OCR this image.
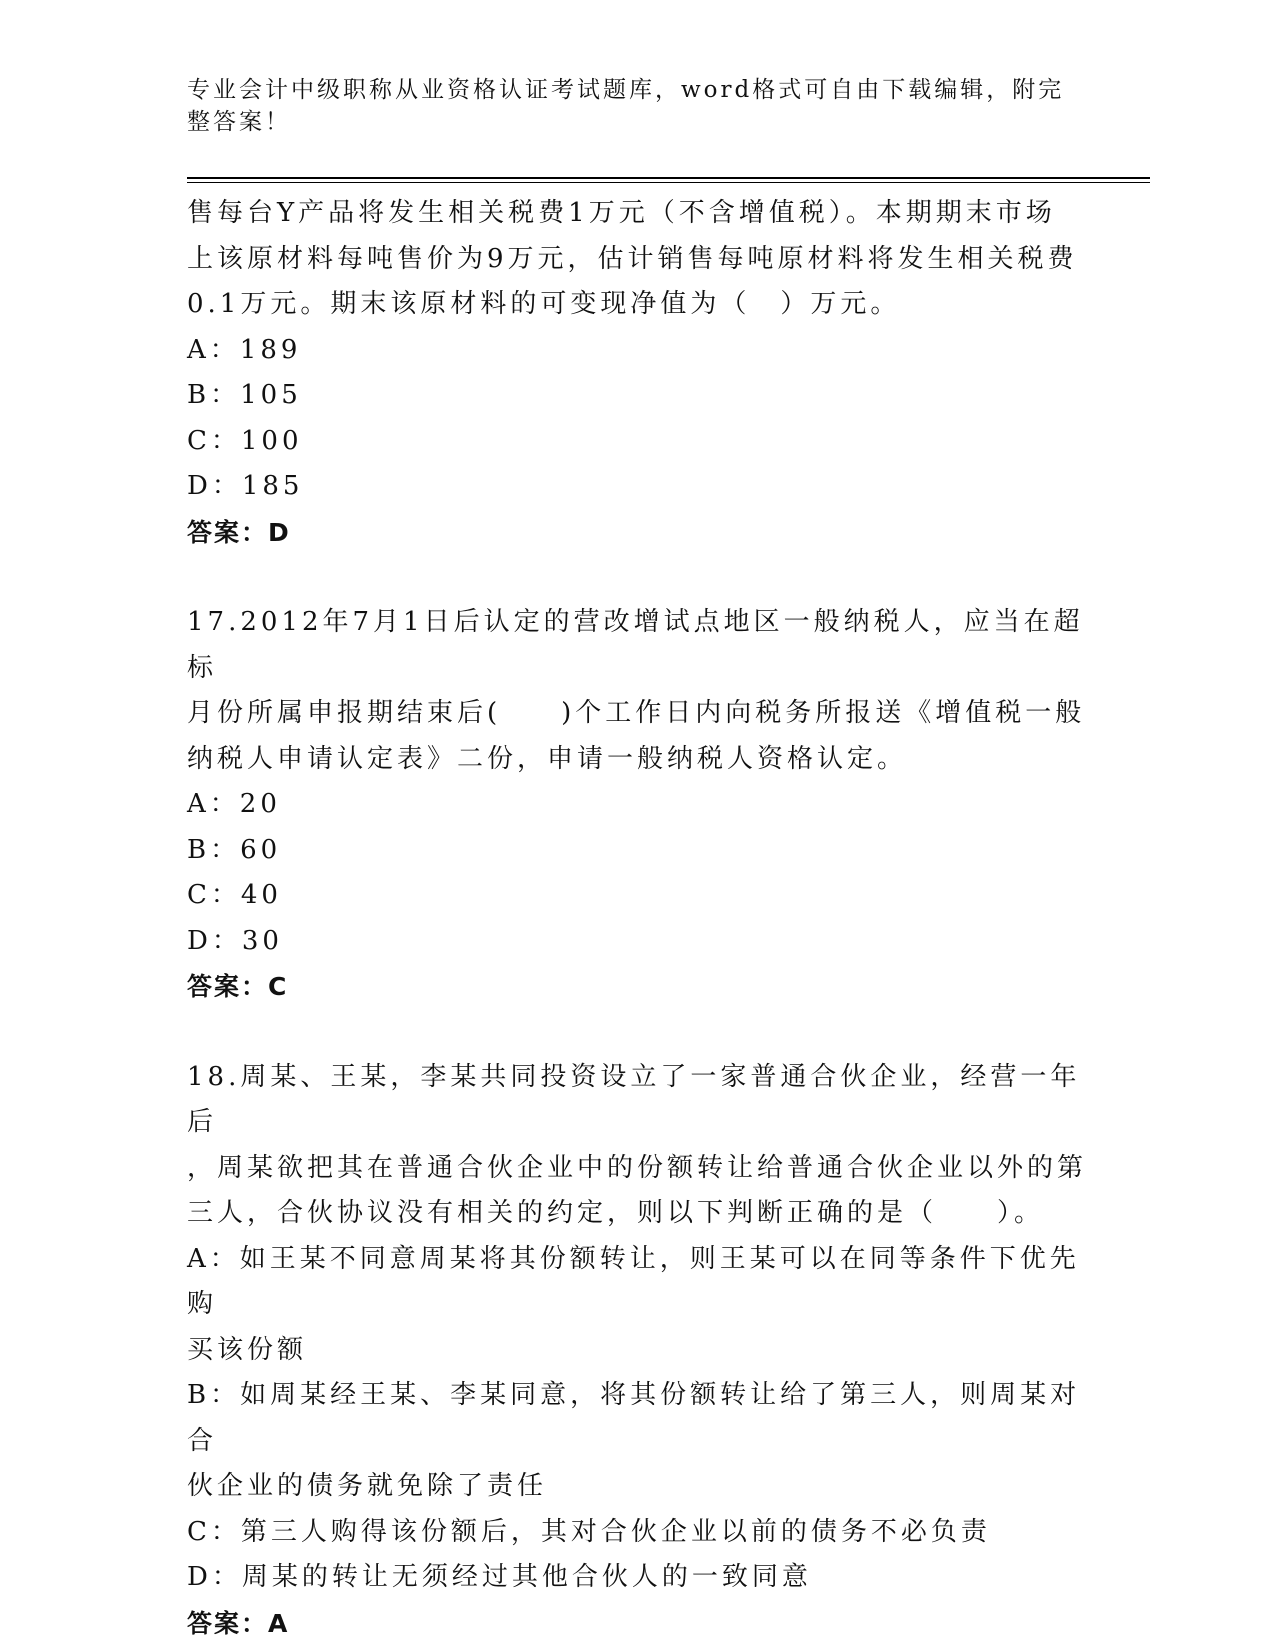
专业会计中级职称从业资格认证考试题库，word格式可自由下载编辑，附完整答案！

售每台Y产品将发生相关税费1万元（不含增值税）。本期期末市场

上该原材料每吨售价为9万元，估计销售每吨原材料将发生相关税费

0.1万元。期末该原材料的可变现净值为（　）万元。

A：189

B：105

C：100

D：185

答案：D

17.2012年7月1日后认定的营改增试点地区一般纳税人，应当在超标

月份所属申报期结束后(　　)个工作日内向税务所报送《增值税一般

纳税人申请认定表》二份，申请一般纳税人资格认定。

A：20

B：60

C：40

D：30

答案：C

18.周某、王某，李某共同投资设立了一家普通合伙企业，经营一年后

，周某欲把其在普通合伙企业中的份额转让给普通合伙企业以外的第

三人，合伙协议没有相关的约定，则以下判断正确的是（　　）。

A：如王某不同意周某将其份额转让，则王某可以在同等条件下优先购

买该份额

B：如周某经王某、李某同意，将其份额转让给了第三人，则周某对合

伙企业的债务就免除了责任

C：第三人购得该份额后，其对合伙企业以前的债务不必负责

D：周某的转让无须经过其他合伙人的一致同意

答案：A
